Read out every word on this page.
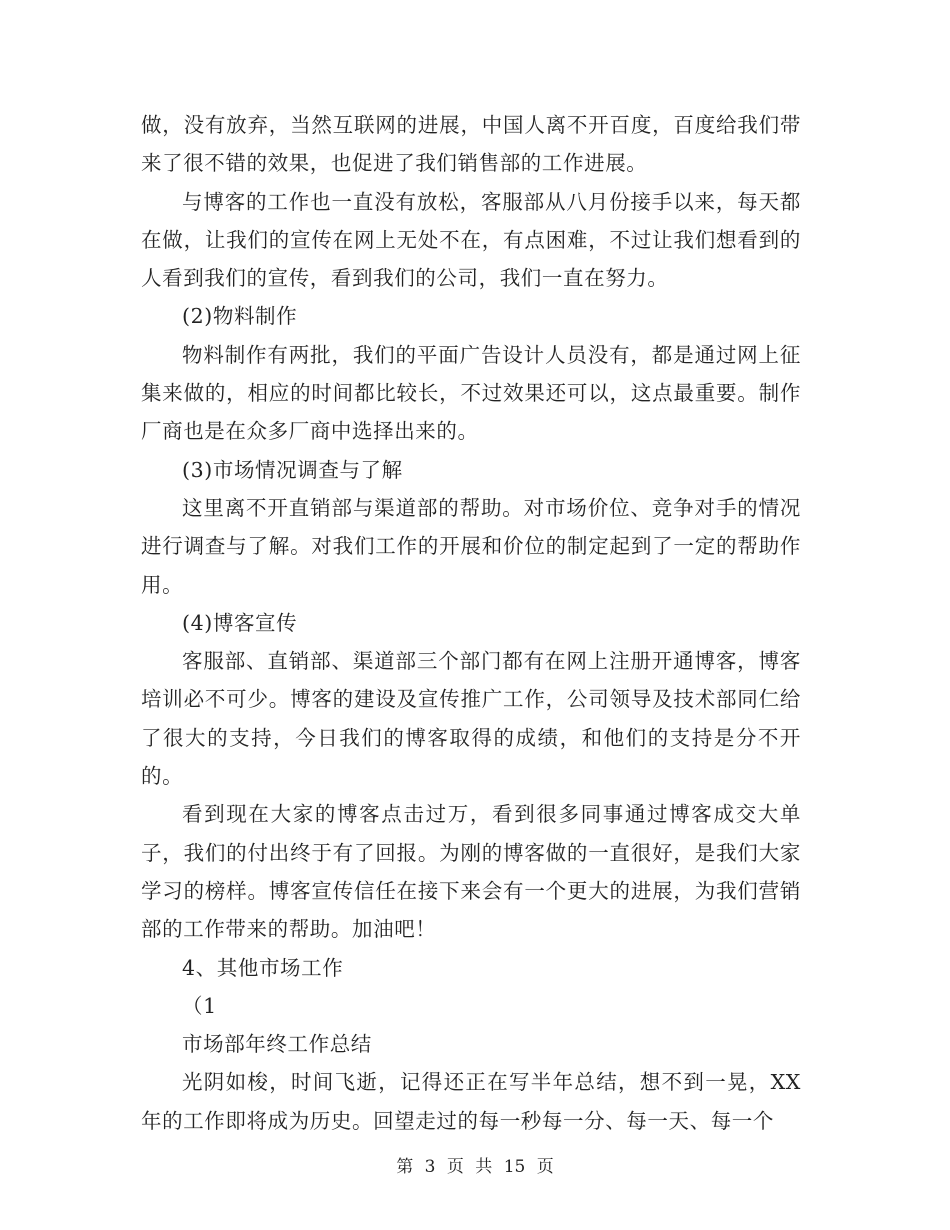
做，没有放弃，当然互联网的进展，中国人离不开百度，百度给我们带来了很不错的效果，也促进了我们销售部的工作进展。

与博客的工作也一直没有放松，客服部从八月份接手以来，每天都在做，让我们的宣传在网上无处不在，有点困难，不过让我们想看到的人看到我们的宣传，看到我们的公司，我们一直在努力。

(2)物料制作

物料制作有两批，我们的平面广告设计人员没有，都是通过网上征集来做的，相应的时间都比较长，不过效果还可以，这点最重要。制作厂商也是在众多厂商中选择出来的。

(3)市场情况调查与了解

这里离不开直销部与渠道部的帮助。对市场价位、竞争对手的情况进行调查与了解。对我们工作的开展和价位的制定起到了一定的帮助作用。

(4)博客宣传

客服部、直销部、渠道部三个部门都有在网上注册开通博客，博客培训必不可少。博客的建设及宣传推广工作，公司领导及技术部同仁给了很大的支持，今日我们的博客取得的成绩，和他们的支持是分不开的。

看到现在大家的博客点击过万，看到很多同事通过博客成交大单子，我们的付出终于有了回报。为刚的博客做的一直很好，是我们大家学习的榜样。博客宣传信任在接下来会有一个更大的进展，为我们营销部的工作带来的帮助。加油吧！

4、其他市场工作

（1

市场部年终工作总结

光阴如梭，时间飞逝，记得还正在写半年总结，想不到一晃，XX年的工作即将成为历史。回望走过的每一秒每一分、每一天、每一个

第 3 页 共 15 页
